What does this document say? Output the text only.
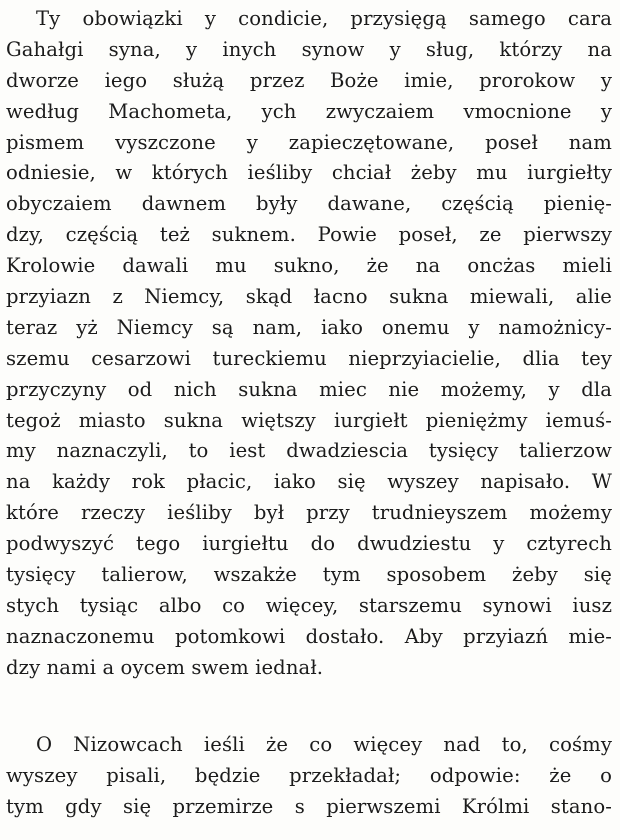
Ty obowiązki y condicie, przysięgą samego cara
Gahałgi syna, y inych synow y sług, którzy na
dworze iego służą przez Boże imie, prorokow y
według Machometa, ych zwyczaiem vmocnione y
pismem vyszczone y zapieczętowane, poseł nam
odniesie, w których ieśliby chciał żeby mu iurgiełty
obyczaiem dawnem były dawane, częścią pienię-
dzy, częścią też suknem. Powie poseł, ze pierwszy
Krolowie dawali mu sukno, że na oncżas mieli
przyiazn z Niemcy, skąd łacno sukna miewali, alie
teraz yż Niemcy są nam, iako onemu y namożnicy-
szemu cesarzowi tureckiemu nieprzyiacielie, dlia tey
przyczyny od nich sukna miec nie możemy, y dla
tegoż miasto sukna więtszy iurgiełt pieniężmy iemuś-
my naznaczyli, to iest dwadziescia tysięcy talierzow
na każdy rok płacic, iako się wyszey napisało. W
które rzeczy ieśliby był przy trudnieyszem możemy
podwyszyć tego iurgiełtu do dwudziestu y cztyrech
tysięcy talierow, wszakże tym sposobem żeby się
stych tysiąc albo co więcey, starszemu synowi iusz
naznaczonemu potomkowi dostało. Aby przyiazń mie-
dzy nami a oycem swem iednał.
O Nizowcach ieśli że co więcey nad to, cośmy
wyszey pisali, będzie przekładał; odpowie: że o
tym gdy się przemirze s pierwszemi Królmi stano-
